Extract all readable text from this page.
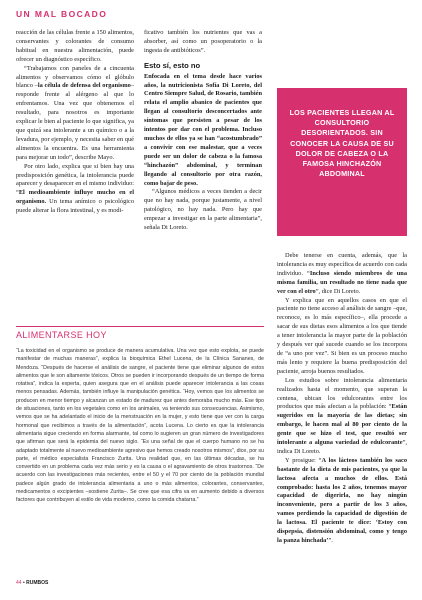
UN MAL BOCADO

reacción de las células frente a 150 alimentos, conservantes y colorantes de consumo habitual en nuestra alimentación, puede ofrecer un diagnóstico específico.

“Trabajamos con paneles de a cincuenta alimentos y observamos cómo el glóbulo blanco –la célula de defensa del organismo– responde frente al alérgeno al que lo enfrentamos. Una vez que obtenemos el resultado, para nosotros es importante explicar le bien al paciente lo que significa, ya que quizá sea intolerante a un químico o a la levadura, por ejemplo, y necesita saber en qué alimentos la encuentra. Es una herramienta para mejorar un todo”, describe Mayo.

Por otro lado, explica que si bien hay una predisposición genética, la intolerancia puede aparecer y desaparecer en el mismo individuo: “El medioambiente influye mucho en el organismo. Un tema anímico o psicológico puede alterar la flora intestinal, y es modi-

ficativo también los nutrientes que vas a absorber, así como un posoperatorio o la ingesta de antibióticos”.

Esto sí, esto no

Enfocada en el tema desde hace varios años, la nutricionista Sofía Di Loreto, del Centro Siempre Salud, de Rosario, también relata el amplio abanico de pacientes que llegan al consultorio desconcertados ante síntomas que persisten a pesar de los intentos por dar con el problema. Incluso muchos de ellos ya se han “acostumbrado” a convivir con ese malestar, que a veces puede ser un dolor de cabeza o la famosa “hinchazón” abdominal, y terminan llegando al consultorio por otra razón, como bajar de peso.

“Algunos médicos a veces tienden a decir que no hay nada, porque justamente, a nivel patológico, no hay nada. Pero hay que empezar a investigar en la parte alimentaria”, señala Di Loreto.

LOS PACIENTES LLEGAN AL CONSULTORIO DESORIENTADOS. SIN CONOCER LA CAUSA DE SU DOLOR DE CABEZA O LA FAMOSA HINCHAZÓN ABDOMINAL

Debe tenerse en cuenta, además, que la intolerancia es muy específica de acuerdo con cada individuo. “Incluso siendo miembros de una misma familia, un resultado no tiene nada que ver con el otro”, dice Di Loreto.

Y explica que en aquellos casos en que el paciente no tiene acceso al análisis de sangre –que, reconoce, es lo más específico–, ella procede a sacar de sus dietas esos alimentos a los que tiende a tener intolerancia la mayor parte de la población y después ver qué sucede cuando se los incorpora de “a uno por vez”. Si bien es un proceso mucho más lento y requiere la buena predisposición del paciente, arroja buenos resultados.

Los estudios sobre intolerancia alimentaria realizados hasta el momento, que superan la centena, ubican los edulcorantes entre los productos que más afectan a la población: “Están sugeridos en la mayoría de las dietas; sin embargo, le hacen mal al 80 por ciento de la gente que se hizo el test, que resultó ser intolerante a alguna variedad de edulcorante”, indica Di Loreto.

Y prosigue: “A los lácteos también los saco bastante de la dieta de mis pacientes, ya que la lactosa afecta a muchos de ellos. Está comprobado: hasta los 2 años, tenemos mayor capacidad de digerirla, no hay ningún inconveniente, pero a partir de los 3 años, vamos perdiendo la capacidad de digestión de la lactosa. El paciente te dice: ‘Estoy con dispepsia, distensión abdominal, como y tengo la panza hinchada’”.

ALIMENTARSE HOY

“La toxicidad en el organismo se produce de manera acumulativa. Una vez que esto explota, se puede manifestar de muchas maneras”, explica la bioquímica Ethel Lucena, de la Clínica Sananes, de Mendoza. “Después de hacerse el análisis de sangre, el paciente tiene que eliminar algunos de estos alimentos que le son altamente tóxicos. Otros se pueden ir incorporando después de un tiempo de forma rotativa”, indica la experta, quien asegura que en el análisis puede aparecer intolerancia a las cosas menos pensadas. Además, también influye la manipulación genética. “Hoy, vemos que los alimentos se producen en menor tiempo y alcanzan un estado de madurez que antes demoraba mucho más. Ese tipo de situaciones, tanto en los vegetales como en los animales, va teniendo sus consecuencias. Asimismo, vemos que se ha adelantado el inicio de la menstruación en la mujer, y esto tiene que ver con la carga hormonal que recibimos a través de la alimentación”, acota Lucena. Lo cierto es que la intolerancia alimentaria sigue creciendo en forma alarmante, tal como lo sugieren un gran número de investigadores que afirman que será la epidemia del nuevo siglo. “Es una señal de que el cuerpo humano no se ha adaptado totalmente al nuevo medioambiente agresivo que hemos creado nosotros mismos”, dice, por su parte, el médico especialista Francisco Zurita. Una realidad que, en las últimas décadas, se ha convertido en un problema cada vez más serio y es la causa o el agravamiento de otros trastornos. “De acuerdo con las investigaciones más recientes, entre el 50 y el 70 por ciento de la población mundial padece algún grado de intolerancia alimentaria a uno o más alimentos, colorantes, conservantes, medicamentos o excipientes –sostiene Zurita–. Se cree que esa cifra va en aumento debido a diversos factores que contribuyen al estilo de vida moderno, como la comida chatarra.”

44 • RUMBOS
